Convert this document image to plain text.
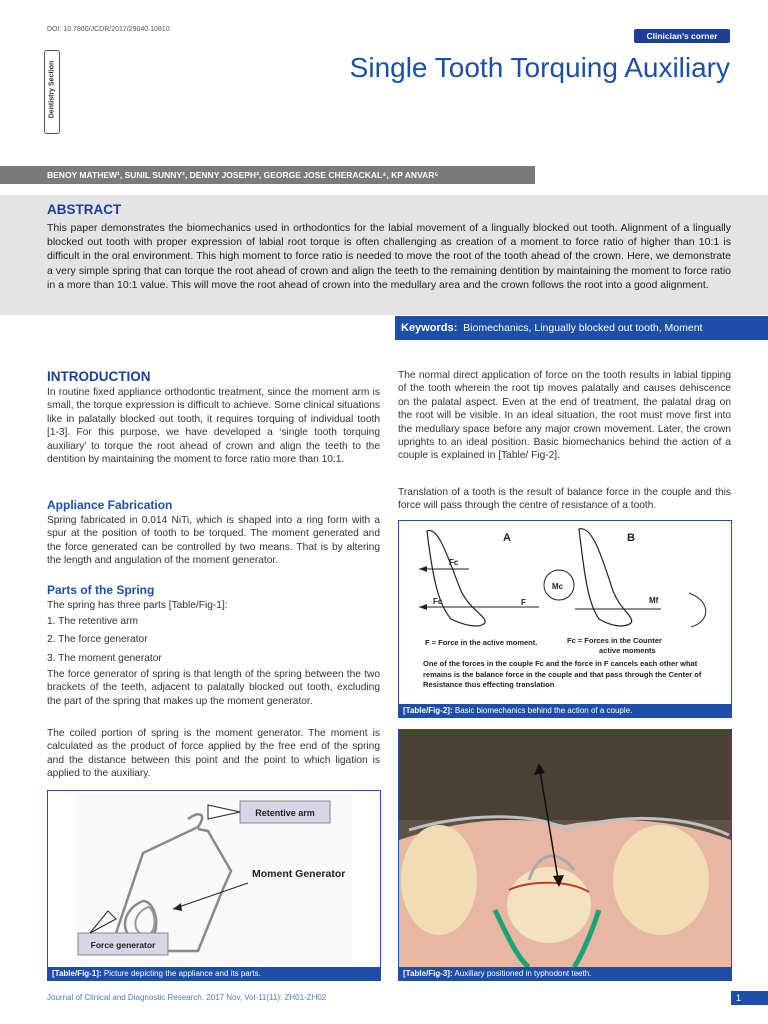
DOI: 10.7860/JCDR/2017/29040.10810
Clinician’s corner
Dentistry Section	Single Tooth Torquing Auxiliary
BENOY MATHEW¹, SUNIL SUNNY², DENNY JOSEPH³, GEORGE JOSE CHERACKAL⁴, KP ANVAR⁵
ABSTRACT
This paper demonstrates the biomechanics used in orthodontics for the labial movement of a lingually blocked out tooth. Alignment of a lingually blocked out tooth with proper expression of labial root torque is often challenging as creation of a moment to force ratio of higher than 10:1 is difficult in the oral environment. This high moment to force ratio is needed to move the root of the tooth ahead of the crown. Here, we demonstrate a very simple spring that can torque the root ahead of crown and align the teeth to the remaining dentition by maintaining the moment to force ratio in a more than 10:1 value. This will move the root ahead of crown into the medullary area and the crown follows the root into a good alignment.
Keywords: Biomechanics, Lingually blocked out tooth, Moment
INTRODUCTION
In routine fixed appliance orthodontic treatment, since the moment arm is small, the torque expression is difficult to achieve. Some clinical situations like in palatally blocked out tooth, it requires torquing of individual tooth [1-3]. For this purpose, we have developed a ‘single tooth torquing auxiliary’ to torque the root ahead of crown and align the teeth to the dentition by maintaining the moment to force ratio more than 10:1.
Appliance Fabrication
Spring fabricated in 0.014 NiTi, which is shaped into a ring form with a spur at the position of tooth to be torqued. The moment generated and the force generated can be controlled by two means. That is by altering the length and angulation of the moment generator.
Parts of the Spring
The spring has three parts [Table/Fig-1]:
1. The retentive arm
2. The force generator
3. The moment generator
The force generator of spring is that length of the spring between the two brackets of the teeth, adjacent to palatally blocked out tooth, excluding the part of the spring that makes up the moment generator.
The coiled portion of spring is the moment generator. The moment is calculated as the product of force applied by the free end of the spring and the distance between this point and the point to which ligation is applied to the auxiliary.
Retentive arm
Moment Generator
Force generator
[Table/Fig-1]: Picture depicting the appliance and its parts.
The normal direct application of force on the tooth results in labial tipping of the tooth wherein the root tip moves palatally and causes dehiscence on the palatal aspect. Even at the end of treatment, the palatal drag on the root will be visible. In an ideal situation, the root must move first into the medullary space before any major crown movement. Later, the crown uprights to an ideal position. Basic biomechanics behind the action of a couple is explained in [Table/ Fig-2].
Translation of a tooth is the result of balance force in the couple and this force will pass through the centre of resistance of a tooth.
A	B
Fc
Fc	F
Mc
Mf
F = Force in the active moment.	Fc = Forces in the Counter
active moments
One of the forces in the couple Fc and the force in F cancels each other what remains is the balance force in the couple and that pass through the Center of Resistance thus effecting translation
[Table/Fig-2]: Basic biomechanics behind the action of a couple.
[Table/Fig-3]: Auxiliary positioned in typhodont teeth.
Journal of Clinical and Diagnostic Research. 2017 Nov, Vol-11(11): ZH01-ZH02	1
